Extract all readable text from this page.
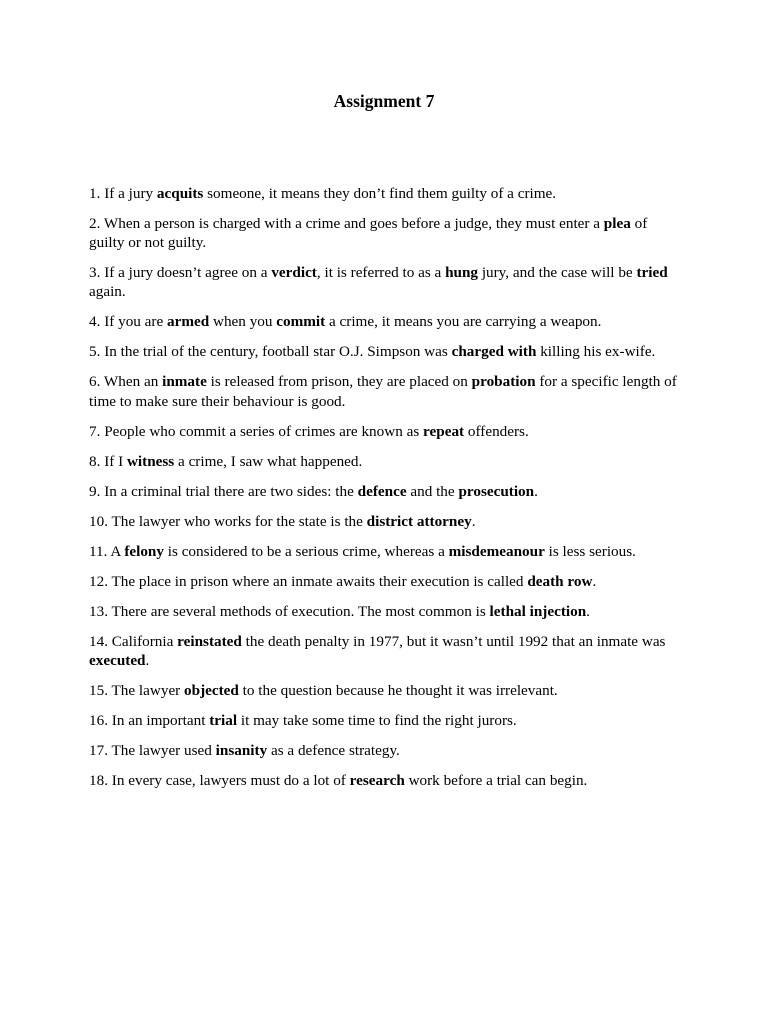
Assignment 7
1. If a jury acquits someone, it means they don’t find them guilty of a crime.
2. When a person is charged with a crime and goes before a judge, they must enter a plea of guilty or not guilty.
3. If a jury doesn’t agree on a verdict, it is referred to as a hung jury, and the case will be tried again.
4. If you are armed when you commit a crime, it means you are carrying a weapon.
5. In the trial of the century, football star O.J. Simpson was charged with killing his ex-wife.
6. When an inmate is released from prison, they are placed on probation for a specific length of time to make sure their behaviour is good.
7. People who commit a series of crimes are known as repeat offenders.
8. If I witness a crime, I saw what happened.
9. In a criminal trial there are two sides: the defence and the prosecution.
10. The lawyer who works for the state is the district attorney.
11. A felony is considered to be a serious crime, whereas a misdemeanour is less serious.
12. The place in prison where an inmate awaits their execution is called death row.
13. There are several methods of execution. The most common is lethal injection.
14. California reinstated the death penalty in 1977, but it wasn’t until 1992 that an inmate was executed.
15. The lawyer objected to the question because he thought it was irrelevant.
16. In an important trial it may take some time to find the right jurors.
17. The lawyer used insanity as a defence strategy.
18. In every case, lawyers must do a lot of research work before a trial can begin.
